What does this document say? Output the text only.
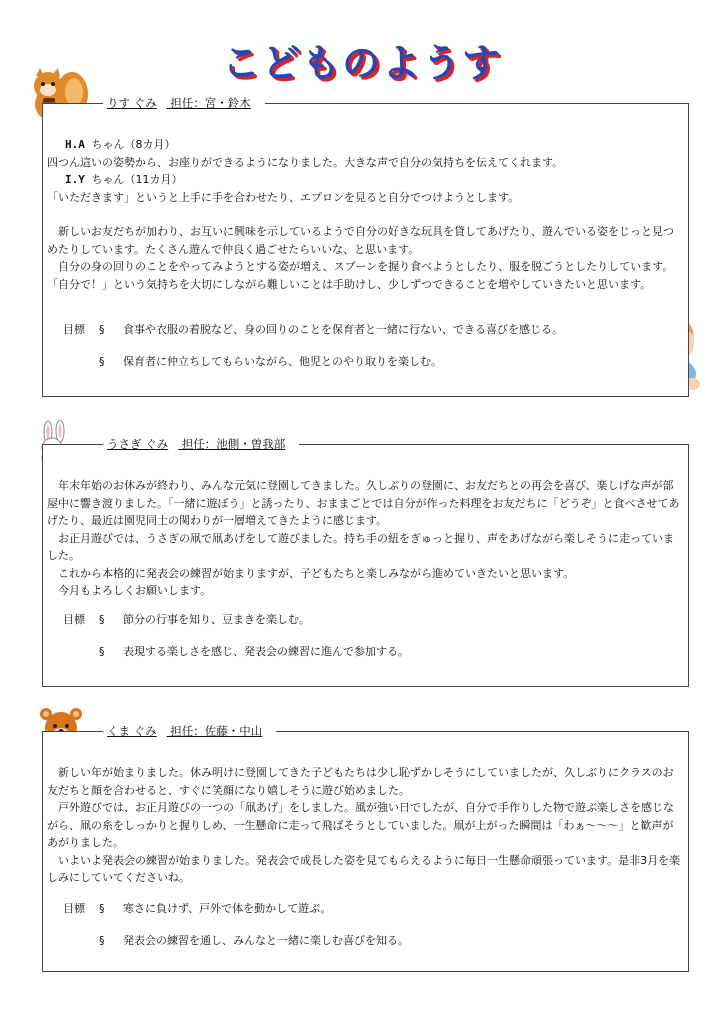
こどものようす
りす ぐみ 担任：宮・鈴木

H.A ちゃん（8カ月）

四つん這いの姿勢から、お座りができるようになりました。大きな声で自分の気持ちを伝えてくれます。

I.Y ちゃん（11カ月）

「いただきます」というと上手に手を合わせたり、エプロンを見ると自分でつけようとします。

新しいお友だちが加わり、お互いに興味を示しているようで自分の好きな玩具を貸してあげたり、遊んでいる姿をじっと見つめたりしています。たくさん遊んで仲良く過ごせたらいいな、と思います。

自分の身の回りのことをやってみようとする姿が増え、スプーンを握り食べようとしたり、服を脱ごうとしたりしています。「自分で！」という気持ちを大切にしながら難しいことは手助けし、少しずつできることを増やしていきたいと思います。

目標 § 食事や衣服の着脱など、身の回りのことを保育者と一緒に行ない、できる喜びを感じる。
§ 保育者に仲立ちしてもらいながら、他児とのやり取りを楽しむ。
うさぎ ぐみ 担任：池側・曽我部

年末年始のお休みが終わり、みんな元気に登園してきました。久しぶりの登園に、お友だちとの再会を喜び、楽しげな声が部屋中に響き渡りました。「一緒に遊ぼう」と誘ったり、おままごとでは自分が作った料理をお友だちに「どうぞ」と食べさせてあげたり、最近は園児同士の関わりが一層増えてきたように感じます。

お正月遊びでは、うさぎの凧で凧あげをして遊びました。持ち手の紐をぎゅっと握り、声をあげながら楽しそうに走っていました。

これから本格的に発表会の練習が始まりますが、子どもたちと楽しみながら進めていきたいと思います。

今月もよろしくお願いします。

目標 § 節分の行事を知り、豆まきを楽しむ。
§ 表現する楽しさを感じ、発表会の練習に進んで参加する。
くま ぐみ 担任：佐藤・中山

新しい年が始まりました。休み明けに登園してきた子どもたちは少し恥ずかしそうにしていましたが、久しぶりにクラスのお友だちと顔を合わせると、すぐに笑顔になり嬉しそうに遊び始めました。

戸外遊びでは、お正月遊びの一つの「凧あげ」をしました。風が強い日でしたが、自分で手作りした物で遊ぶ楽しさを感じながら、凧の糸をしっかりと握りしめ、一生懸命に走って飛ばそうとしていました。凧が上がった瞬間は「わぁ～～～」と歓声があがりました。

いよいよ発表会の練習が始まりました。発表会で成長した姿を見てもらえるように毎日一生懸命頑張っています。是非3月を楽しみにしていてくださいね。

目標 § 寒さに負けず、戸外で体を動かして遊ぶ。
§ 発表会の練習を通し、みんなと一緒に楽しむ喜びを知る。
